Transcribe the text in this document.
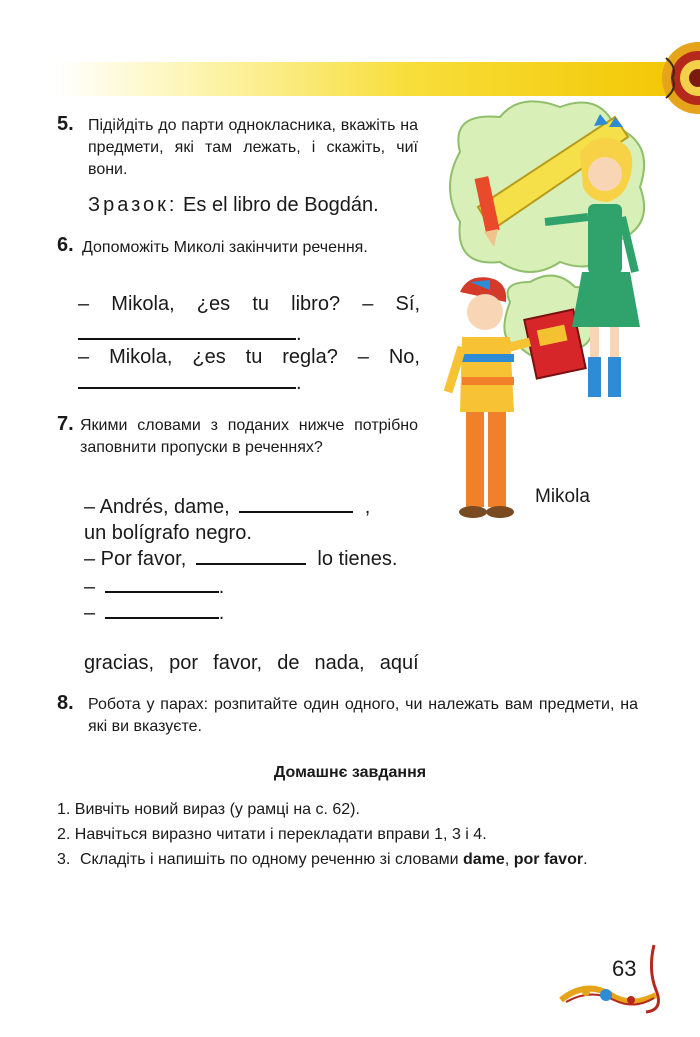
5. Підійдіть до парти однокласника, вкажіть на предмети, які там лежать, і скажіть, чиї вони.
Зразок: Es el libro de Bogdán.
6. Допоможіть Миколі закінчити речення.
– Mikola, ¿es tu libro? – Sí,
.
– Mikola, ¿es tu regla? – No,
.
7. Якими словами з поданих нижче потрібно заповнити пропуски в реченнях?
– Andrés, dame,	,
un bolígrafo negro.
– Por favor,	lo tienes.
–	.
–	.
gracias,  por  favor,  de  nada,  aquí
Mikola
8. Робота у парах: розпитайте один одного, чи належать вам предмети, на які ви вказуєте.
Домашнє завдання
1. Вивчіть новий вираз (у рамці на с. 62).
2. Навчіться виразно читати і перекладати вправи 1, 3 і 4.
3. Складіть і напишіть по одному реченню зі словами dame, por favor.
63
